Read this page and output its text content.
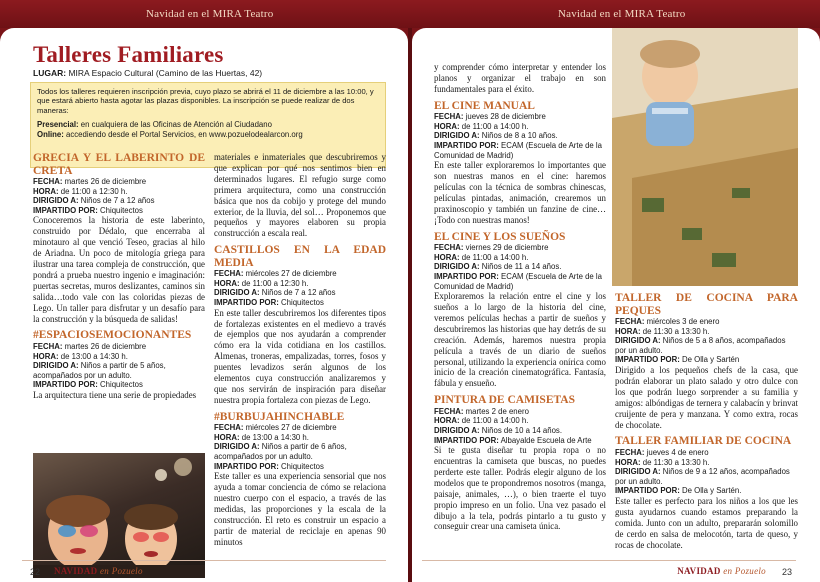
Navidad en el MIRA Teatro	Navidad en el MIRA Teatro
Talleres Familiares
LUGAR: MIRA Espacio Cultural (Camino de las Huertas, 42)

Todos los talleres requieren inscripción previa, cuyo plazo se abrirá el 11 de diciembre a las 10:00, y que estará abierto hasta agotar las plazas disponibles. La inscripción se puede realizar de dos maneras:

Presencial: en cualquiera de las Oficinas de Atención al Ciudadano
Online: accediendo desde el Portal Servicios, en www.pozuelodealarcon.org
GRECIA Y EL LABERINTO DE CRETA
FECHA: martes 26 de diciembre
HORA: de 11:00 a 12:30 h.
DIRIGIDO A: Niños de 7 a 12 años
IMPARTIDO POR: Chiquitectos

Conoceremos la historia de este laberinto, construido por Dédalo, que encerraba al minotauro al que venció Teseo, gracias al hilo de Ariadna. Un poco de mitología griega para ilustrar una tarea compleja de construcción, que pondrá a prueba nuestro ingenio e imaginación: puertas secretas, muros deslizantes, caminos sin salida…todo vale con las coloridas piezas de Lego. Un taller para disfrutar y un desafío para la construcción y la búsqueda de salidas!

#ESPACIOSEMOCIONANTES
FECHA: martes 26 de diciembre
HORA: de 13:00 a 14:30 h.
DIRIGIDO A: Niños a partir de 5 años, acompañados por un adulto.
IMPARTIDO POR: Chiquitectos

La arquitectura tiene una serie de propiedades

materiales e inmateriales que descubriremos y que explican por qué nos sentimos bien en determinados lugares. El refugio surge como primera arquitectura, como una construcción básica que nos da cobijo y protege del mundo exterior, de la lluvia, del sol… Proponemos que pequeños y mayores elaboren su propia construcción a escala real.

CASTILLOS EN LA EDAD MEDIA
FECHA: miércoles 27 de diciembre
HORA: de 11:00 a 12:30 h.
DIRIGIDO A: Niños de 7 a 12 años
IMPARTIDO POR: Chiquitectos

En este taller descubriremos los diferentes tipos de fortalezas existentes en el medievo a través de ejemplos que nos ayudarán a comprender cómo era la vida cotidiana en los castillos. Almenas, troneras, empalizadas, torres, fosos y puentes levadizos serán algunos de los elementos cuya construcción analizaremos y que nos servirán de inspiración para diseñar nuestra propia fortaleza con piezas de Lego.

#BURBUJAHINCHABLE
FECHA: miércoles 27 de diciembre
HORA: de 13:00 a 14:30 h.
DIRIGIDO A: Niños a partir de 6 años, acompañados por un adulto.
IMPARTIDO POR: Chiquitectos

Este taller es una experiencia sensorial que nos ayuda a tomar conciencia de cómo se relaciona nuestro cuerpo con el espacio, a través de las medidas, las proporciones y la escala de la construcción. El reto es construir un espacio a partir de material de reciclaje en apenas 90 minutos

22 NAVIDAD en Pozuelo

y comprender cómo interpretar y entender los planos y organizar el trabajo en son fundamentales para el éxito.

EL CINE MANUAL
FECHA: jueves 28 de diciembre
HORA: de 11:00 a 14:00 h.
DIRIGIDO A: Niños de 8 a 10 años.
IMPARTIDO POR: ECAM (Escuela de Arte de la Comunidad de Madrid)

En este taller exploraremos lo importantes que son nuestras manos en el cine: haremos películas con la técnica de sombras chinescas, películas pintadas, animación, crearemos un praxinoscopio y también un fanzine de cine… ¡Todo con nuestras manos!

EL CINE Y LOS SUEÑOS
FECHA: viernes 29 de diciembre
HORA: de 11:00 a 14:00 h.
DIRIGIDO A: Niños de 11 a 14 años.
IMPARTIDO POR: ECAM (Escuela de Arte de la Comunidad de Madrid)

Exploraremos la relación entre el cine y los sueños a lo largo de la historia del cine, veremos películas hechas a partir de sueños y descubriremos las historias que hay detrás de su creación. Además, haremos nuestra propia película a través de un diario de sueños personal, utilizando la experiencia onírica como inicio de la creación cinematográfica. Fantasía, fábula y ensueño.

PINTURA DE CAMISETAS
FECHA: martes 2 de enero
HORA: de 11:00 a 14:00 h.
DIRIGIDO A: Niños de 10 a 14 años.
IMPARTIDO POR: Albayalde Escuela de Arte

Si te gusta diseñar tu propia ropa o no encuentras la camiseta que buscas, no puedes perderte este taller. Podrás elegir alguno de los modelos que te propondremos nosotros (manga, paisaje, animales, …), o bien traerte el tuyo propio impreso en un folio. Una vez pasado el dibujo a la tela, podrás pintarlo a tu gusto y conseguir crear una camiseta única.

TALLER DE COCINA PARA PEQUES
FECHA: miércoles 3 de enero
HORA: de 11:30 a 13:30 h.
DIRIGIDO A: Niños de 5 a 8 años, acompañados por un adulto.
IMPARTIDO POR: De Olla y Sartén

Dirigido a los pequeños chefs de la casa, que podrán elaborar un plato salado y otro dulce con los que podrán luego sorprender a su familia y amigos: albóndigas de ternera y calabacín y brinvat cruijente de pera y manzana. Y como extra, rocas de chocolate.

TALLER FAMILIAR DE COCINA
FECHA: jueves 4 de enero
HORA: de 11:30 a 13:30 h.
DIRIGIDO A: Niños de 9 a 12 años, acompañados por un adulto.
IMPARTIDO POR: De Olla y Sartén.

Este taller es perfecto para los niños a los que les gusta ayudarnos cuando estamos preparando la comida. Junto con un adulto, prepararán solomillo de cerdo en salsa de melocotón, tarta de queso, y rocas de chocolate.

NAVIDAD en Pozuelo 23
